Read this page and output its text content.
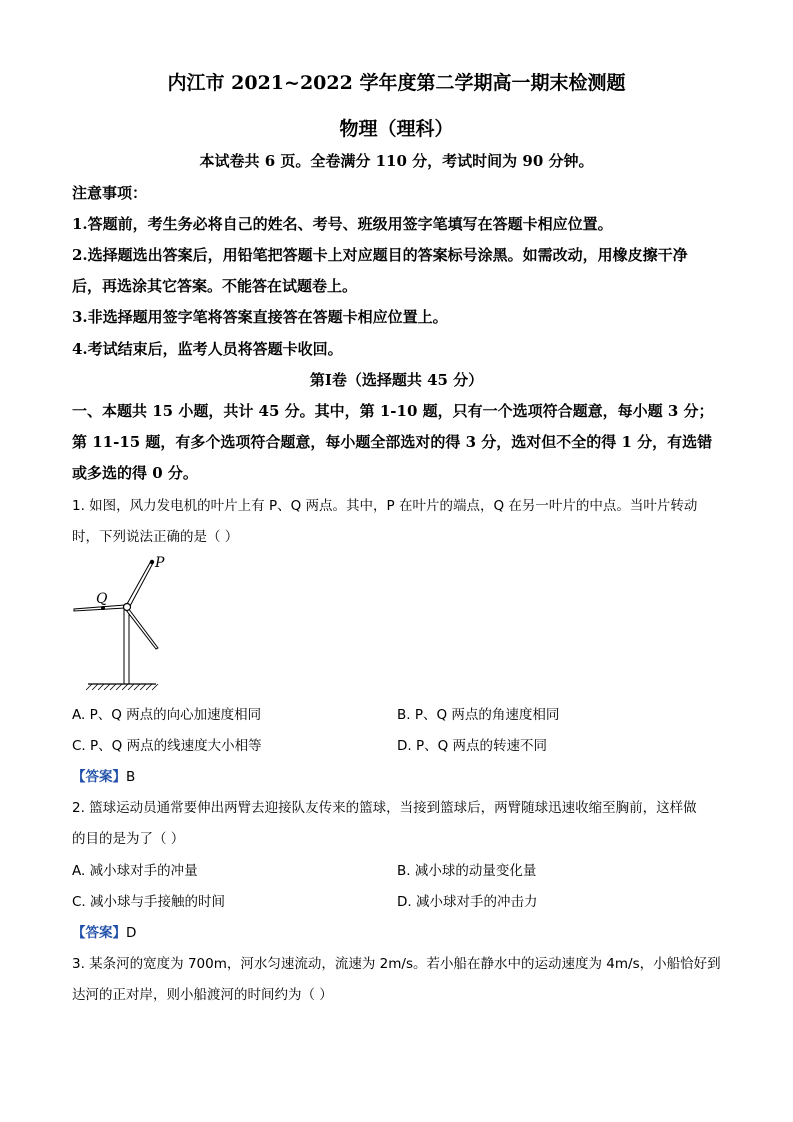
内江市 2021~2022 学年度第二学期高一期末检测题
物理（理科）
本试卷共 6 页。全卷满分 110 分，考试时间为 90 分钟。
注意事项：
1.答题前，考生务必将自己的姓名、考号、班级用签字笔填写在答题卡相应位置。
2.选择题选出答案后，用铅笔把答题卡上对应题目的答案标号涂黑。如需改动，用橡皮擦干净
后，再选涂其它答案。不能答在试题卷上。
3.非选择题用签字笔将答案直接答在答题卡相应位置上。
4.考试结束后，监考人员将答题卡收回。
第Ⅰ卷（选择题共 45 分）
一、本题共 15 小题，共计 45 分。其中，第 1-10 题，只有一个选项符合题意，每小题 3 分；
第 11-15 题，有多个选项符合题意，每小题全部选对的得 3 分，选对但不全的得 1 分，有选错
或多选的得 0 分。
1. 如图，风力发电机的叶片上有 P、Q 两点。其中，P 在叶片的端点，Q 在另一叶片的中点。当叶片转动
时，下列说法正确的是（ ）
P
Q
A. P、Q 两点的向心加速度相同	B. P、Q 两点的角速度相同
C. P、Q 两点的线速度大小相等	D. P、Q 两点的转速不同
【答案】B
2. 篮球运动员通常要伸出两臂去迎接队友传来的篮球，当接到篮球后，两臂随球迅速收缩至胸前，这样做
的目的是为了（ ）
A. 减小球对手的冲量	B. 减小球的动量变化量
C. 减小球与手接触的时间	D. 减小球对手的冲击力
【答案】D
3. 某条河的宽度为 700m，河水匀速流动，流速为 2m/s。若小船在静水中的运动速度为 4m/s，小船恰好到
达河的正对岸，则小船渡河的时间约为（ ）
